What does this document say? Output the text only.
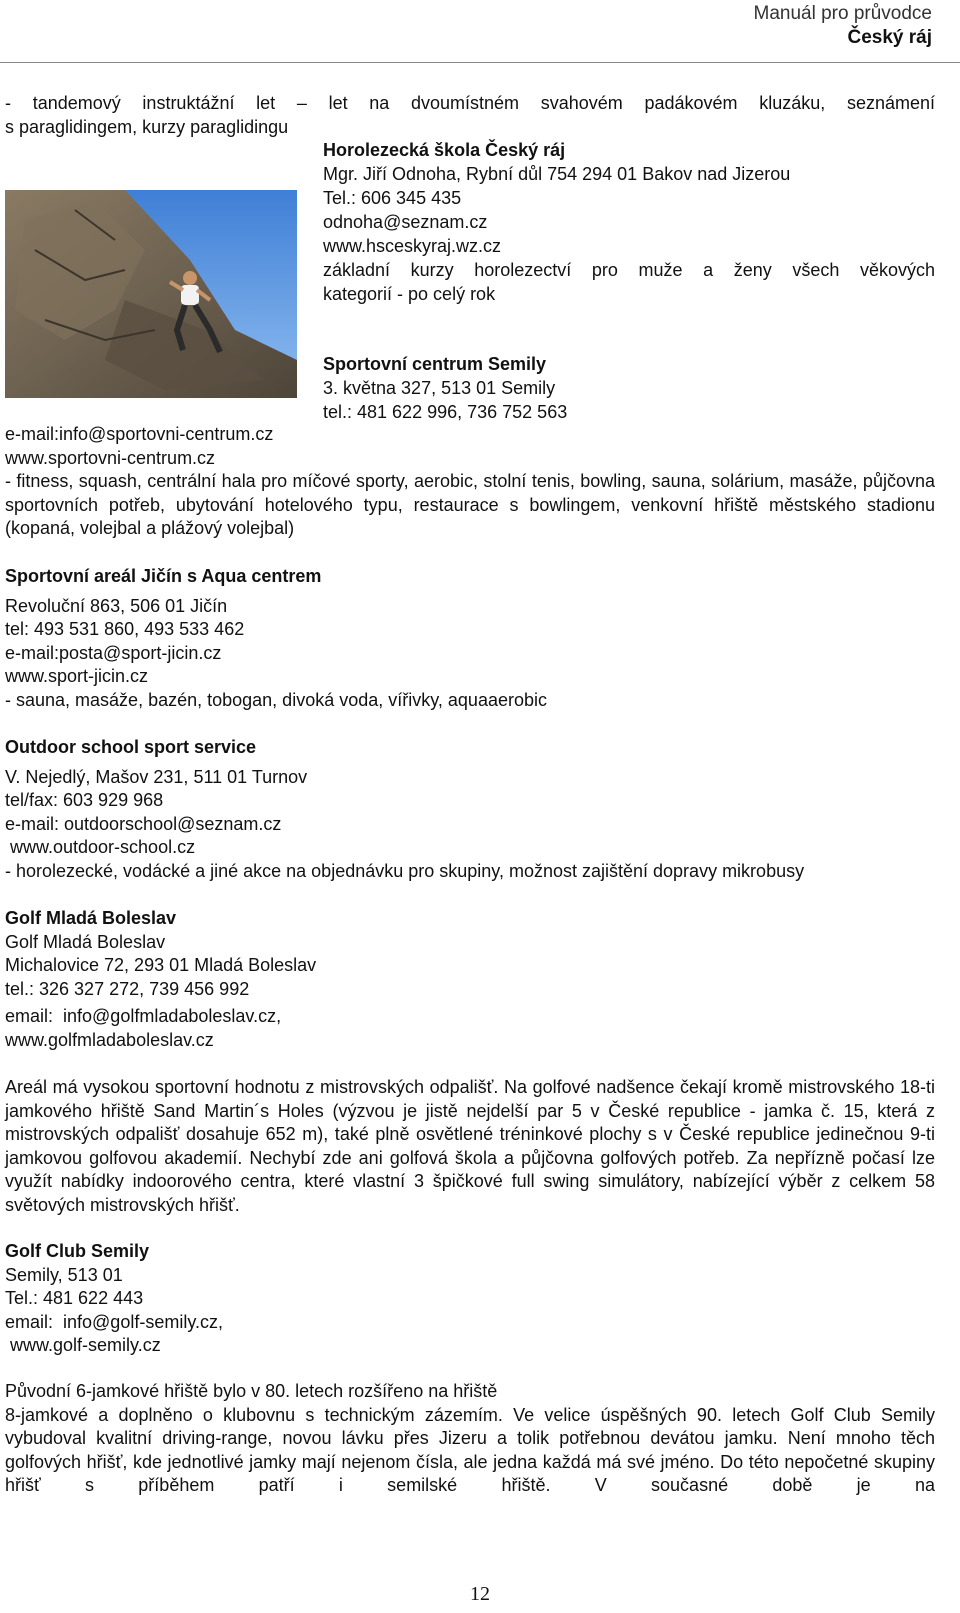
Manuál pro průvodce
Český ráj
- tandemový instruktážní let – let na dvoumístném svahovém padákovém kluzáku, seznámení
s paraglidingem, kurzy paraglidingu
Horolezecká škola Český ráj
Mgr. Jiří Odnoha, Rybní důl 754 294 01 Bakov nad Jizerou
Tel.: 606 345 435
odnoha@seznam.cz
www.hsceskyraj.wz.cz
základní kurzy horolezectví pro muže a ženy všech věkových
kategorií - po celý rok
Sportovní centrum Semily
3. května 327, 513 01 Semily
tel.: 481 622 996, 736 752 563
e-mail:info@sportovni-centrum.cz
www.sportovni-centrum.cz
- fitness, squash, centrální hala pro míčové sporty, aerobic, stolní tenis, bowling, sauna, solárium, masáže, půjčovna sportovních potřeb, ubytování hotelového typu, restaurace s bowlingem, venkovní hřiště městského stadionu (kopaná, volejbal a plážový volejbal)
Sportovní areál Jičín s Aqua centrem
Revoluční 863, 506 01 Jičín
tel: 493 531 860, 493 533 462
e-mail:posta@sport-jicin.cz
www.sport-jicin.cz
- sauna, masáže, bazén, tobogan, divoká voda, vířivky, aquaaerobic
Outdoor school sport service
V. Nejedlý, Mašov 231, 511 01 Turnov
tel/fax: 603 929 968
e-mail: outdoorschool@seznam.cz
www.outdoor-school.cz
- horolezecké, vodácké a jiné akce na objednávku pro skupiny, možnost zajištění dopravy mikrobusy
Golf Mladá Boleslav
Golf Mladá Boleslav
Michalovice 72, 293 01 Mladá Boleslav
tel.: 326 327 272, 739 456 992
email:  info@golfmladaboleslav.cz,
www.golfmladaboleslav.cz
Areál má vysokou sportovní hodnotu z mistrovských odpališť. Na golfové nadšence čekají kromě mistrovského 18-ti jamkového hřiště Sand Martin´s Holes (výzvou je jistě nejdelší par 5 v České republice - jamka č. 15, která z mistrovských odpališť dosahuje 652 m), také plně osvětlené tréninkové plochy s v České republice jedinečnou 9-ti jamkovou golfovou akademií. Nechybí zde ani golfová škola a půjčovna golfových potřeb. Za nepřízně počasí lze využít nabídky indoorového centra, které vlastní 3 špičkové full swing simulátory, nabízející výběr z celkem 58 světových mistrovských hřišť.
Golf Club Semily
Semily, 513 01
Tel.: 481 622 443
email:  info@golf-semily.cz,
www.golf-semily.cz
Původní 6-jamkové hřiště bylo v 80. letech rozšířeno na hřiště
8-jamkové a doplněno o klubovnu s technickým zázemím. Ve velice úspěšných 90. letech Golf Club Semily vybudoval kvalitní driving-range, novou lávku přes Jizeru a tolik potřebnou devátou jamku. Není mnoho těch golfových hřišť, kde jednotlivé jamky mají nejenom čísla, ale jedna každá má své jméno. Do této nepočetné skupiny hřišť s příběhem patří i semilské hřiště. V současné době je na
12
